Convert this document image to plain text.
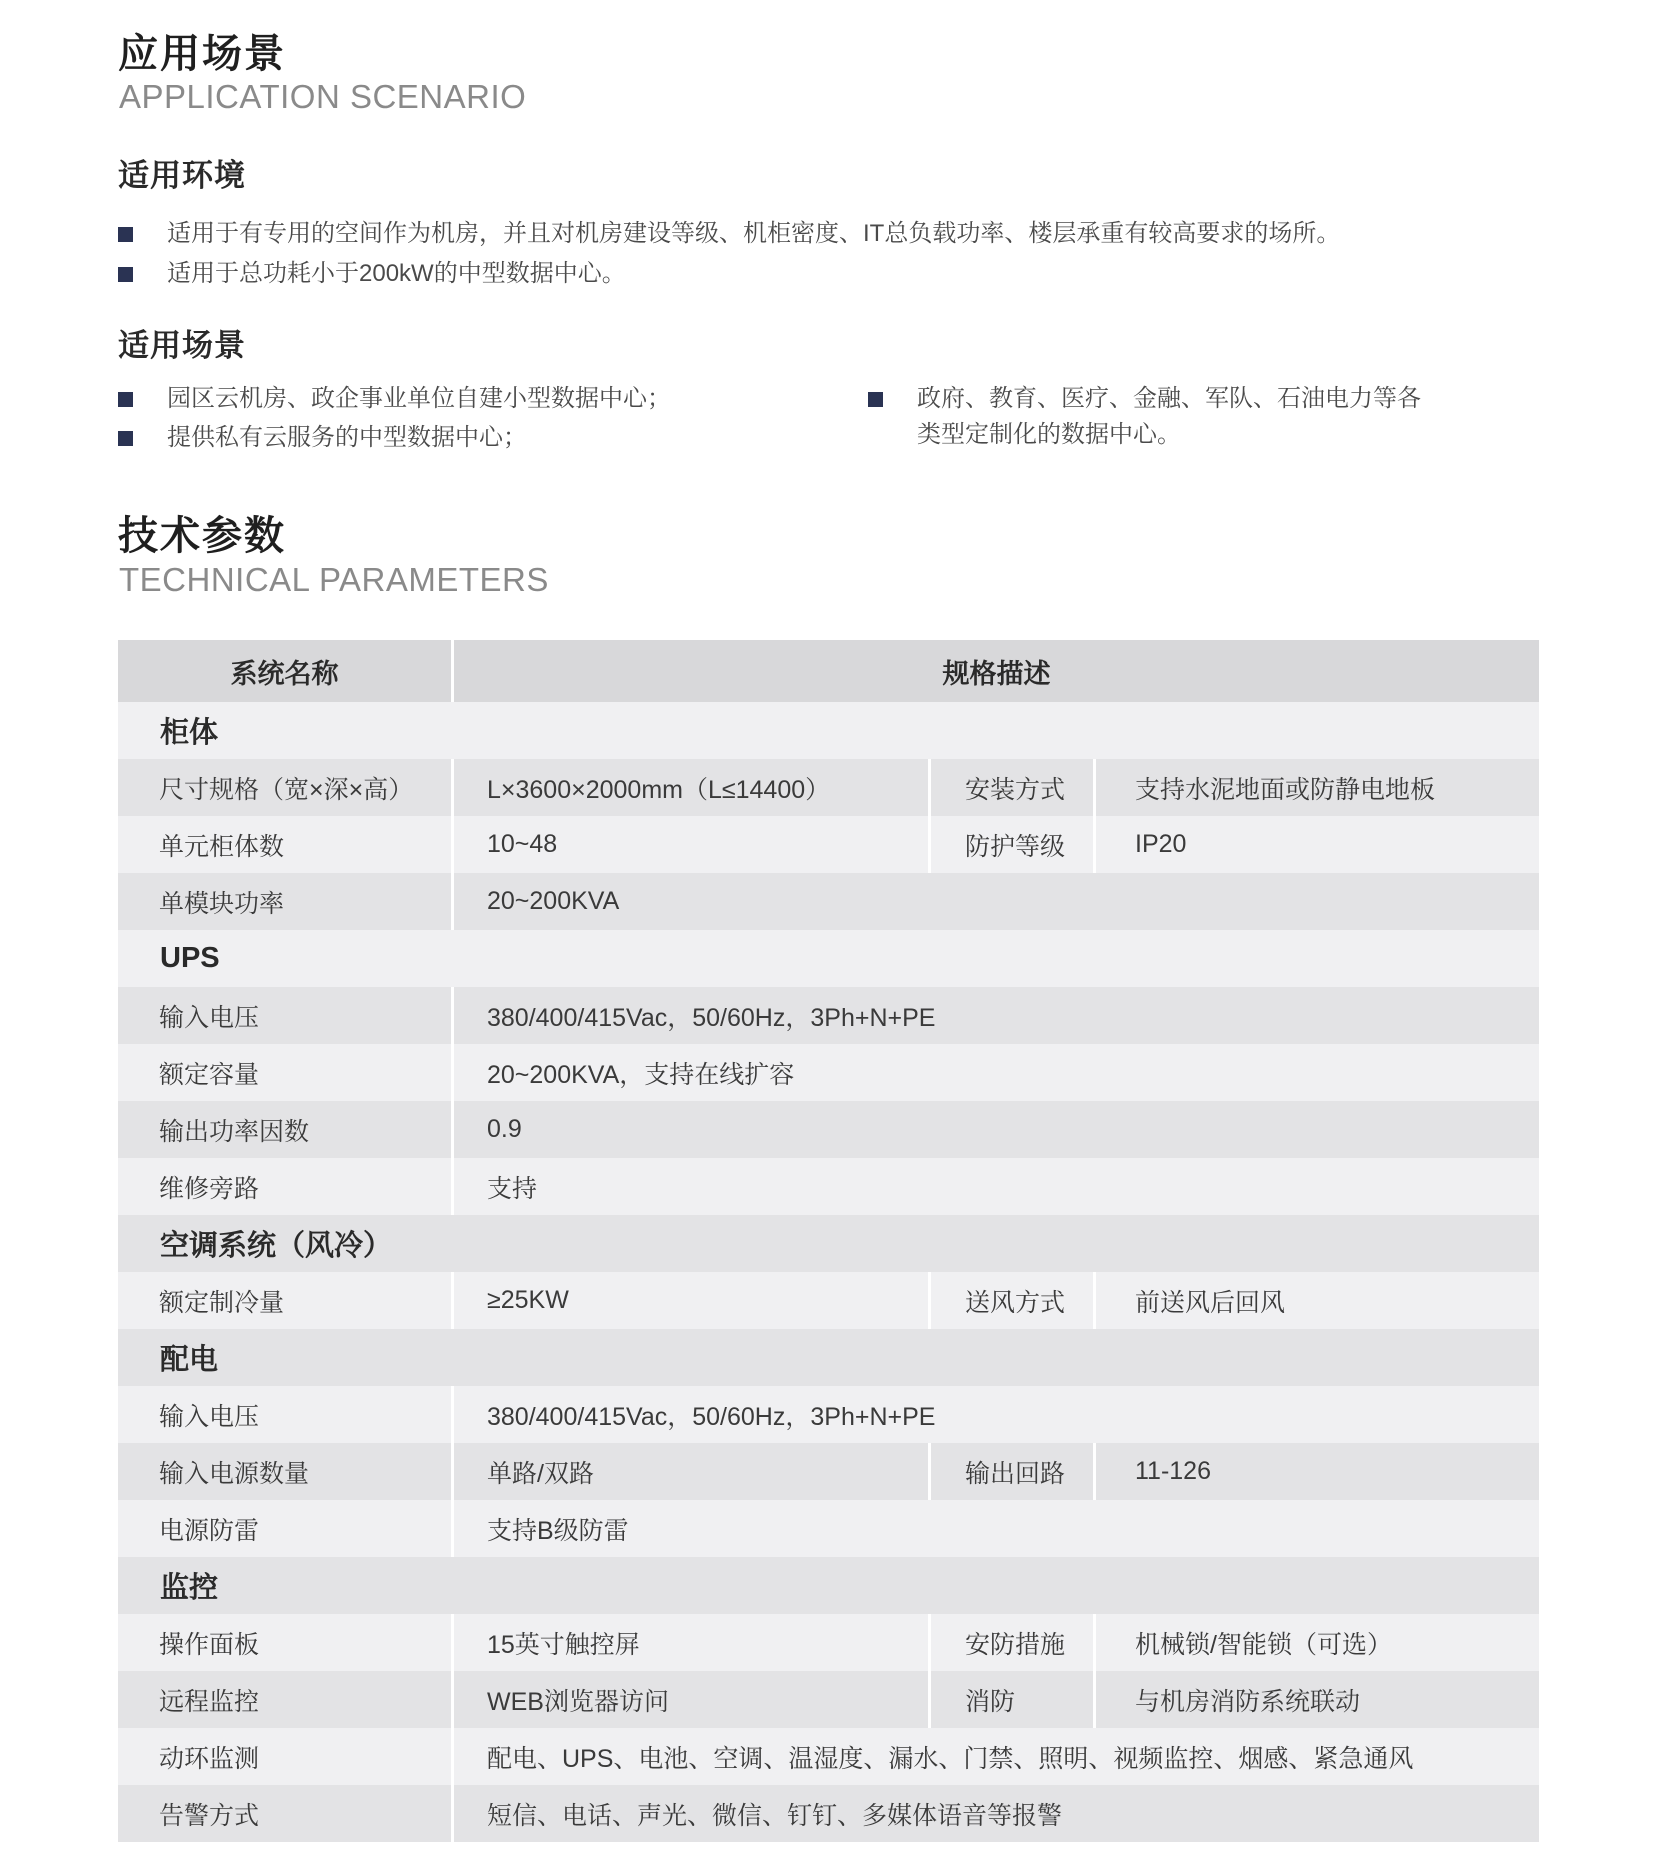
应用场景
APPLICATION SCENARIO
适用环境
适用于有专用的空间作为机房，并且对机房建设等级、机柜密度、IT总负载功率、楼层承重有较高要求的场所。
适用于总功耗小于200kW的中型数据中心。
适用场景
园区云机房、政企事业单位自建小型数据中心；
提供私有云服务的中型数据中心；
政府、教育、医疗、金融、军队、石油电力等各
类型定制化的数据中心。
技术参数
TECHNICAL PARAMETERS
系统名称	规格描述
柜体
尺寸规格（宽×深×高）	L×3600×2000mm（L≤14400）	安装方式	支持水泥地面或防静电地板
单元柜体数	10~48	防护等级	IP20
单模块功率	20~200KVA
UPS
输入电压	380/400/415Vac，50/60Hz，3Ph+N+PE
额定容量	20~200KVA，支持在线扩容
输出功率因数	0.9
维修旁路	支持
空调系统（风冷）
额定制冷量	≥25KW	送风方式	前送风后回风
配电
输入电压	380/400/415Vac，50/60Hz，3Ph+N+PE
输入电源数量	单路/双路	输出回路	11-126
电源防雷	支持B级防雷
监控
操作面板	15英寸触控屏	安防措施	机械锁/智能锁（可选）
远程监控	WEB浏览器访问	消防	与机房消防系统联动
动环监测	配电、UPS、电池、空调、温湿度、漏水、门禁、照明、视频监控、烟感、紧急通风
告警方式	短信、电话、声光、微信、钉钉、多媒体语音等报警
